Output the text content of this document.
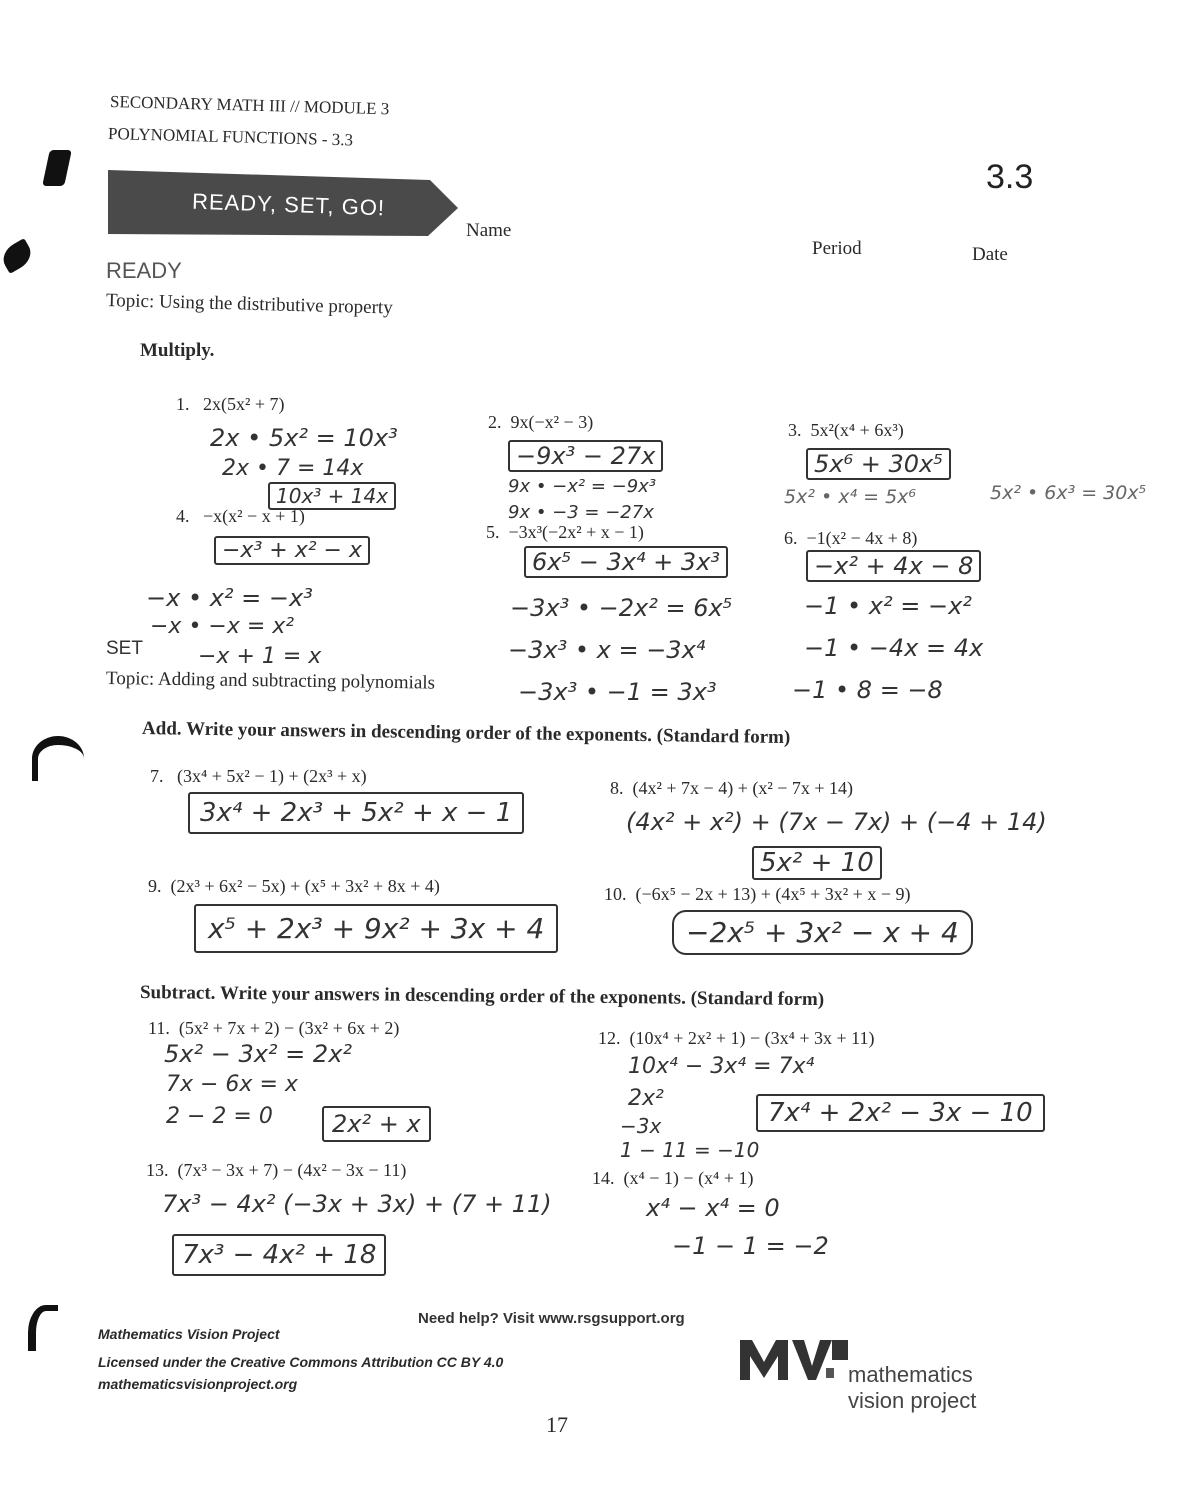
SECONDARY MATH III // MODULE 3
POLYNOMIAL FUNCTIONS - 3.3
3.3
READY, SET, GO!
Name
Period	Date
READY
Topic: Using the distributive property
Multiply.
1. 2x(5x² + 7)
2x • 5x² = 10x³
2x • 7 = 14x
10x³ + 14x
2. 9x(−x² − 3)
−9x³ − 27x
9x • −x² = −9x³
9x • −3 = −27x
3. 5x²(x⁴ + 6x³)
5x⁶ + 30x⁵
5x² • x⁴ = 5x⁶	5x² • 6x³ = 30x⁵
4. −x(x² − x + 1)
−x³ + x² − x
−x • x² = −x³
−x • −x = x²
−x + 1 = x
5. −3x³(−2x² + x − 1)
6x⁵ − 3x⁴ + 3x³
−3x³ • −2x² = 6x⁵
−3x³ • x = −3x⁴
−3x³ • −1 = 3x³
6. −1(x² − 4x + 8)
−x² + 4x − 8
−1 • x² = −x²
−1 • −4x = 4x
−1 • 8 = −8
SET
Topic: Adding and subtracting polynomials
Add. Write your answers in descending order of the exponents. (Standard form)
7. (3x⁴ + 5x² − 1) + (2x³ + x)
3x⁴ + 2x³ + 5x² + x − 1
8. (4x² + 7x − 4) + (x² − 7x + 14)
(4x² + x²) + (7x − 7x) + (−4 + 14)
5x² + 10
9. (2x³ + 6x² − 5x) + (x⁵ + 3x² + 8x + 4)
x⁵ + 2x³ + 9x² + 3x + 4
10. (−6x⁵ − 2x + 13) + (4x⁵ + 3x² + x − 9)
−2x⁵ + 3x² − x + 4
Subtract. Write your answers in descending order of the exponents. (Standard form)
11. (5x² + 7x + 2) − (3x² + 6x + 2)
5x² − 3x² = 2x²
7x − 6x = x
2 − 2 = 0	2x² + x
12. (10x⁴ + 2x² + 1) − (3x⁴ + 3x + 11)
10x⁴ − 3x⁴ = 7x⁴
2x²
−3x
1 − 11 = −10
7x⁴ + 2x² − 3x − 10
13. (7x³ − 3x + 7) − (4x² − 3x − 11)
7x³ − 4x² (−3x + 3x) + (7 + 11)
7x³ − 4x² + 18
14. (x⁴ − 1) − (x⁴ + 1)
x⁴ − x⁴ = 0
−1 − 1 = −2
Need help? Visit www.rsgsupport.org
Mathematics Vision Project
Licensed under the Creative Commons Attribution CC BY 4.0
mathematicsvisionproject.org
17
mathematics
vision project
